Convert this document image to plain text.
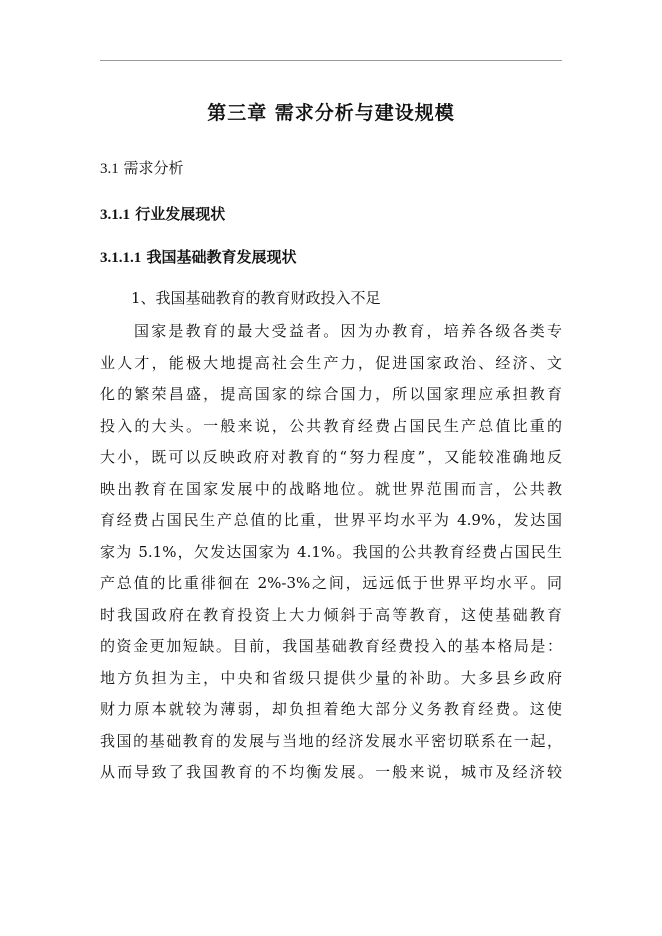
第三章 需求分析与建设规模
3.1 需求分析
3.1.1 行业发展现状
3.1.1.1 我国基础教育发展现状
1、我国基础教育的教育财政投入不足
国家是教育的最大受益者。因为办教育，培养各级各类专
业人才，能极大地提高社会生产力，促进国家政治、经济、文
化的繁荣昌盛，提高国家的综合国力，所以国家理应承担教育
投入的大头。一般来说，公共教育经费占国民生产总值比重的
大小，既可以反映政府对教育的“努力程度”，又能较准确地反
映出教育在国家发展中的战略地位。就世界范围而言，公共教
育经费占国民生产总值的比重，世界平均水平为 4.9%，发达国
家为 5.1%，欠发达国家为 4.1%。我国的公共教育经费占国民生
产总值的比重徘徊在 2%-3%之间，远远低于世界平均水平。同
时我国政府在教育投资上大力倾斜于高等教育，这使基础教育
的资金更加短缺。目前，我国基础教育经费投入的基本格局是：
地方负担为主，中央和省级只提供少量的补助。大多县乡政府
财力原本就较为薄弱，却负担着绝大部分义务教育经费。这使
我国的基础教育的发展与当地的经济发展水平密切联系在一起，
从而导致了我国教育的不均衡发展。一般来说，城市及经济较
